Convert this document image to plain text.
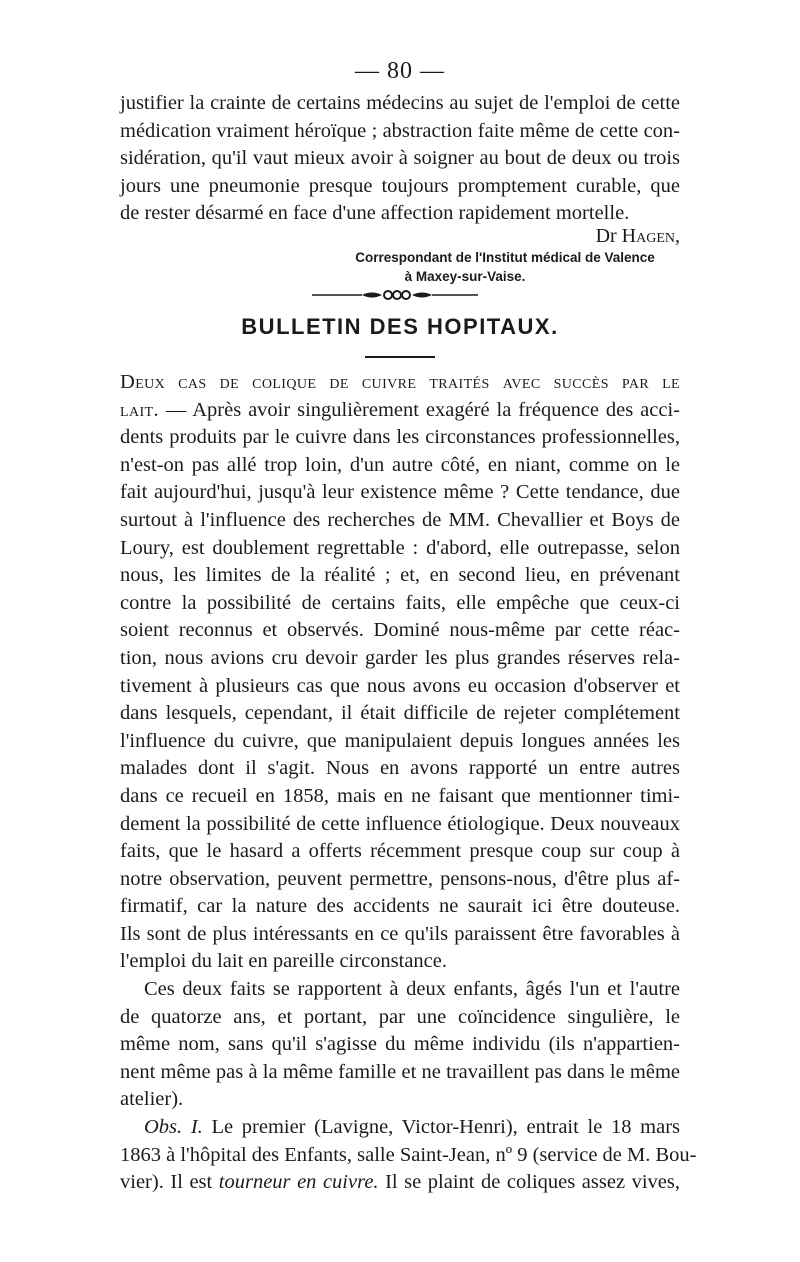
— 80 —
justifier la crainte de certains médecins au sujet de l'emploi de cette
médication vraiment héroïque ; abstraction faite même de cette con-
sidération, qu'il vaut mieux avoir à soigner au bout de deux ou trois
jours une pneumonie presque toujours promptement curable, que
de rester désarmé en face d'une affection rapidement mortelle.
Dr Hagen,
Correspondant de l'Institut médical de Valence
à Maxey-sur-Vaise.
BULLETIN DES HOPITAUX.
Deux cas de colique de cuivre traités avec succès par le
lait. — Après avoir singulièrement exagéré la fréquence des acci-
dents produits par le cuivre dans les circonstances professionnelles,
n'est-on pas allé trop loin, d'un autre côté, en niant, comme on le
fait aujourd'hui, jusqu'à leur existence même ? Cette tendance, due
surtout à l'influence des recherches de MM. Chevallier et Boys de
Loury, est doublement regrettable : d'abord, elle outrepasse, selon
nous, les limites de la réalité ; et, en second lieu, en prévenant
contre la possibilité de certains faits, elle empêche que ceux-ci
soient reconnus et observés. Dominé nous-même par cette réac-
tion, nous avions cru devoir garder les plus grandes réserves rela-
tivement à plusieurs cas que nous avons eu occasion d'observer et
dans lesquels, cependant, il était difficile de rejeter complétement
l'influence du cuivre, que manipulaient depuis longues années les
malades dont il s'agit. Nous en avons rapporté un entre autres
dans ce recueil en 1858, mais en ne faisant que mentionner timi-
dement la possibilité de cette influence étiologique. Deux nouveaux
faits, que le hasard a offerts récemment presque coup sur coup à
notre observation, peuvent permettre, pensons-nous, d'être plus af-
firmatif, car la nature des accidents ne saurait ici être douteuse.
Ils sont de plus intéressants en ce qu'ils paraissent être favorables à
l'emploi du lait en pareille circonstance.
Ces deux faits se rapportent à deux enfants, âgés l'un et l'autre
de quatorze ans, et portant, par une coïncidence singulière, le
même nom, sans qu'il s'agisse du même individu (ils n'appartien-
nent même pas à la même famille et ne travaillent pas dans le même
atelier).
Obs. I. Le premier (Lavigne, Victor-Henri), entrait le 18 mars
1863 à l'hôpital des Enfants, salle Saint-Jean, nº 9 (service de M. Bou-
vier). Il est tourneur en cuivre. Il se plaint de coliques assez vives,
